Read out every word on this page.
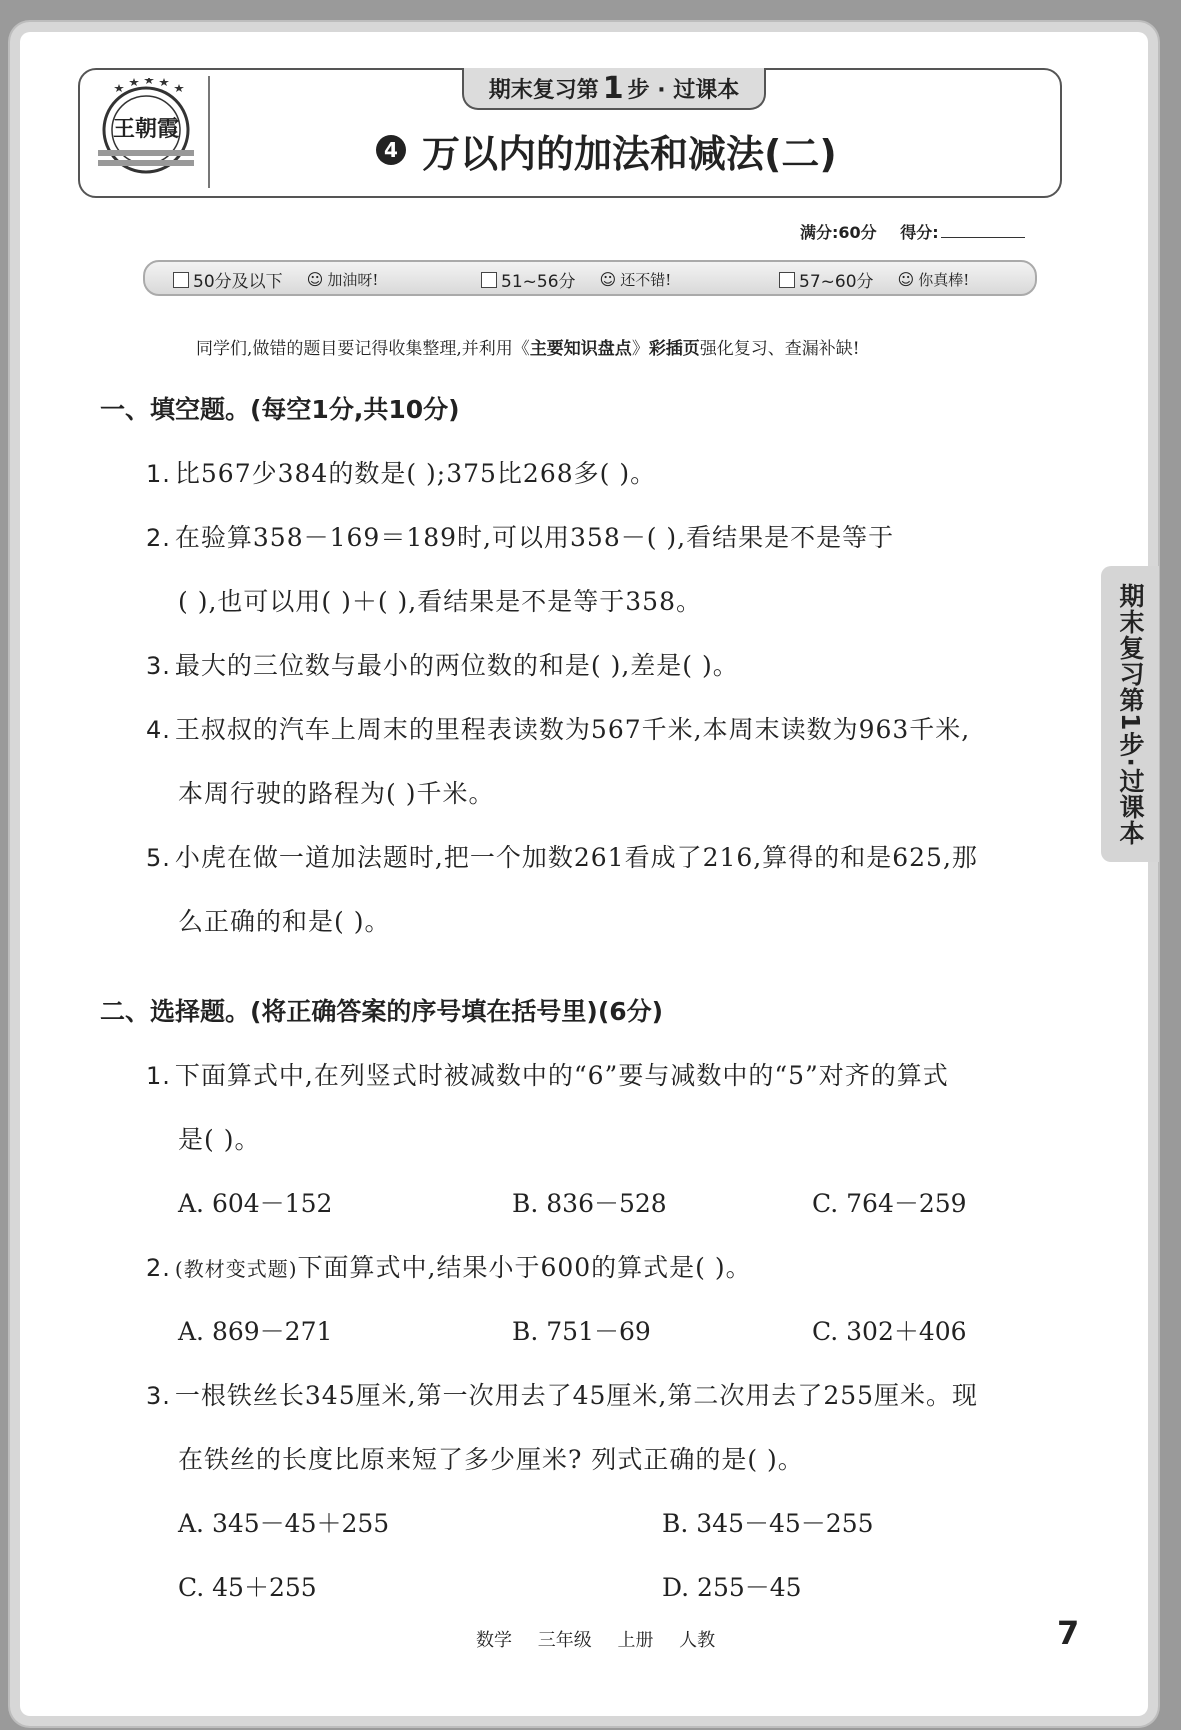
王朝霞
期末复习第 1 步 · 过课本
4 万以内的加法和减法(二)
满分:60分 得分:
50分及以下 ☺ 加油呀!	51~56分 ☺ 还不错!	57~60分 ☺ 你真棒!
同学们,做错的题目要记得收集整理,并利用《主要知识盘点》彩插页强化复习、查漏补缺!
一、填空题。(每空1分,共10分)
1. 比567少384的数是( );375比268多( )。
2. 在验算358－169＝189时,可以用358－( ),看结果是不是等于
( ),也可以用( )＋( ),看结果是不是等于358。
3. 最大的三位数与最小的两位数的和是( ),差是( )。
4. 王叔叔的汽车上周末的里程表读数为567千米,本周末读数为963千米,
本周行驶的路程为( )千米。
5. 小虎在做一道加法题时,把一个加数261看成了216,算得的和是625,那
么正确的和是( )。
二、选择题。(将正确答案的序号填在括号里)(6分)
1. 下面算式中,在列竖式时被减数中的“6”要与减数中的“5”对齐的算式
是( )。
A. 604－152	B. 836－528	C. 764－259
2. (教材变式题)下面算式中,结果小于600的算式是( )。
A. 869－271	B. 751－69	C. 302＋406
3. 一根铁丝长345厘米,第一次用去了45厘米,第二次用去了255厘米。现
在铁丝的长度比原来短了多少厘米? 列式正确的是( )。
A. 345－45＋255	B. 345－45－255
C. 45＋255	D. 255－45
期末复习第1步·过课本
数学 三年级 上册 人教	7
